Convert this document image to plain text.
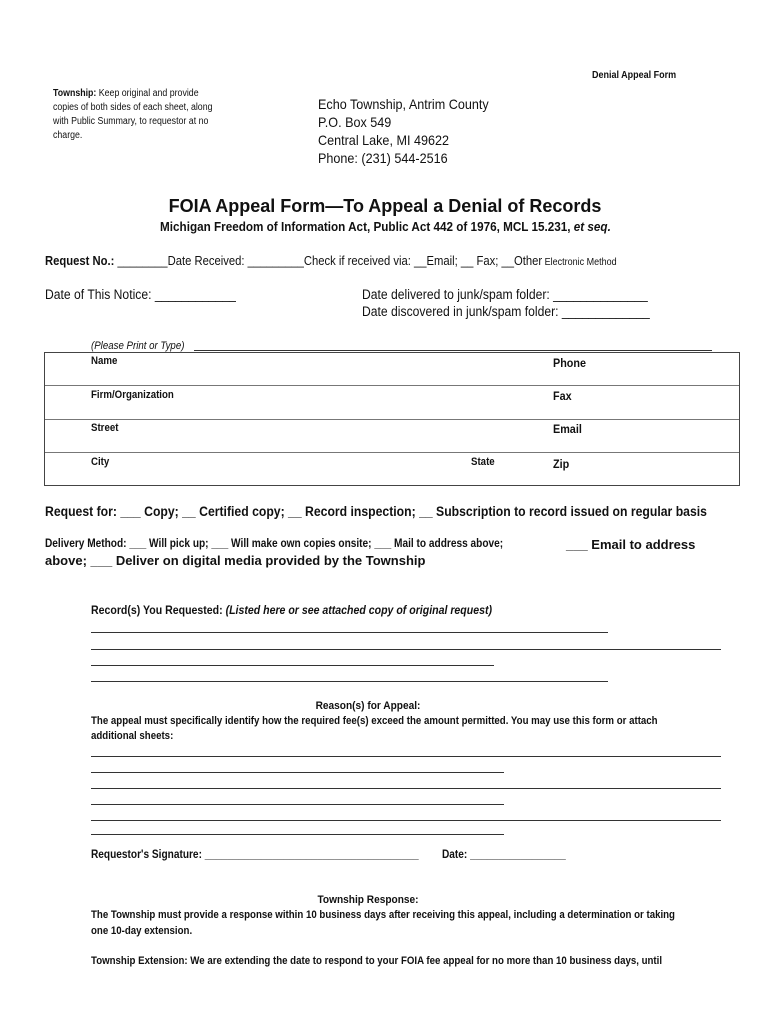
Denial Appeal Form
Township: Keep original and provide
copies of both sides of each sheet, along
with Public Summary, to requestor at no
charge.
Echo Township, Antrim County
P.O. Box 549
Central Lake, MI 49622
Phone: (231) 544-2516
FOIA Appeal Form—To Appeal a Denial of Records
Michigan Freedom of Information Act, Public Act 442 of 1976, MCL 15.231, et seq.
Request No.: ________Date Received: _________Check if received via: __Email; __ Fax; __Other Electronic Method
Date of This Notice: ____________	Date delivered to junk/spam folder: ______________
Date discovered in junk/spam folder: _____________
(Please Print or Type)
Name	Phone
Firm/Organization	Fax
Street	Email
City	State	Zip
Request for: ___ Copy; __ Certified copy; __ Record inspection; __ Subscription to record issued on regular basis
Delivery Method: ___ Will pick up; ___ Will make own copies onsite; ___ Mail to address above;	___ Email to address
above; ___ Deliver on digital media provided by the Township
Record(s) You Requested: (Listed here or see attached copy of original request)
Reason(s) for Appeal:
The appeal must specifically identify how the required fee(s) exceed the amount permitted. You may use this form or attach
additional sheets:
Requestor's Signature: ______________________________________ Date: _________________
Township Response:
The Township must provide a response within 10 business days after receiving this appeal, including a determination or taking
one 10-day extension.
Township Extension: We are extending the date to respond to your FOIA fee appeal for no more than 10 business days, until
